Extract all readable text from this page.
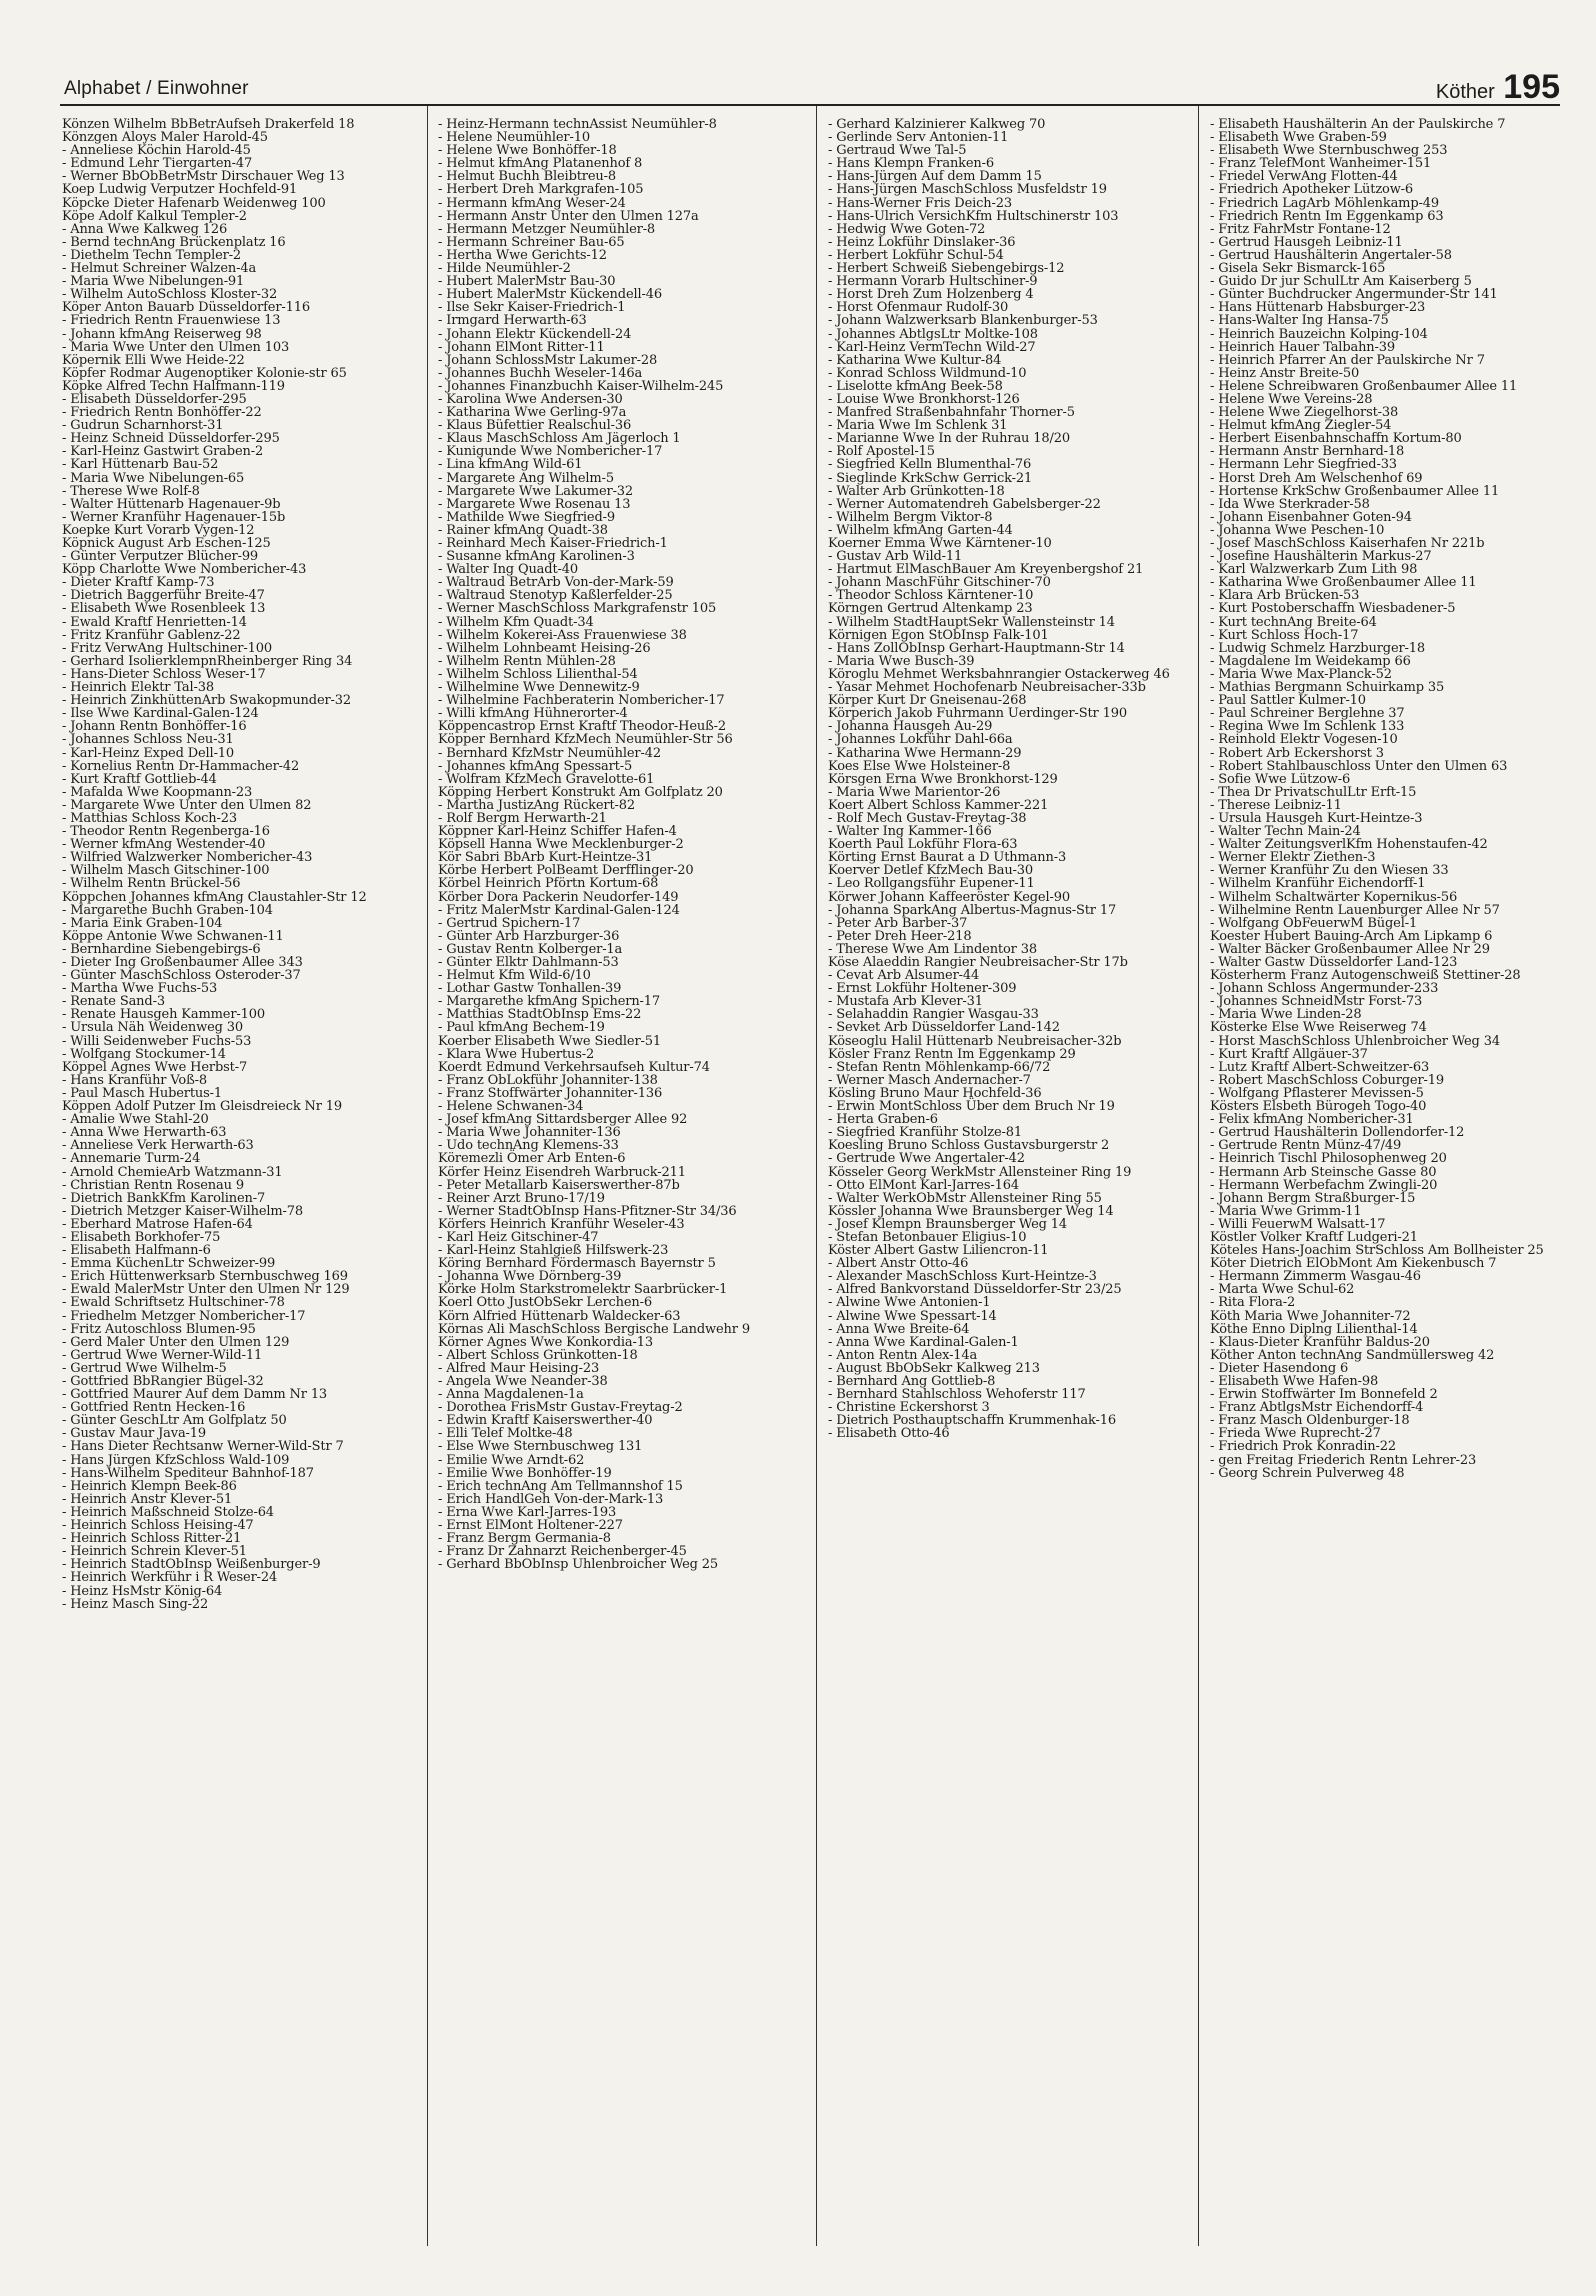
Alphabet / Einwohner	Köther 195
Könzen Wilhelm BbBetrAufseh Drakerfeld 18
Könzgen Aloys Maler Harold-45
- Anneliese Köchin Harold-45
- Edmund Lehr Tiergarten-47
- Werner BbObBetrMstr Dirschauer Weg 13
Koep Ludwig Verputzer Hochfeld-91
Köpcke Dieter Hafenarb Weidenweg 100
Köpe Adolf Kalkul Templer-2
- Anna Wwe Kalkweg 126
- Bernd technAng Brückenplatz 16
- Diethelm Techn Templer-2
- Helmut Schreiner Walzen-4a
- Maria Wwe Nibelungen-91
- Wilhelm AutoSchloss Kloster-32
Köper Anton Bauarb Düsseldorfer-116
- Friedrich Rentn Frauenwiese 13
- Johann kfmAng Reiserweg 98
- Maria Wwe Unter den Ulmen 103
Köpernik Elli Wwe Heide-22
Köpfer Rodmar Augenoptiker Kolonie-str 65
Köpke Alfred Techn Halfmann-119
- Elisabeth Düsseldorfer-295
- Friedrich Rentn Bonhöffer-22
- Gudrun Scharnhorst-31
- Heinz Schneid Düsseldorfer-295
- Karl-Heinz Gastwirt Graben-2
- Karl Hüttenarb Bau-52
- Maria Wwe Nibelungen-65
- Therese Wwe Rolf-8
- Walter Hüttenarb Hagenauer-9b
- Werner Kranführ Hagenauer-15b
Koepke Kurt Vorarb Vygen-12
Köpnick August Arb Eschen-125
- Günter Verputzer Blücher-99
Köpp Charlotte Wwe Nombericher-43
- Dieter Kraftf Kamp-73
- Dietrich Baggerführ Breite-47
- Elisabeth Wwe Rosenbleek 13
- Ewald Kraftf Henrietten-14
- Fritz Kranführ Gablenz-22
- Fritz VerwAng Hultschiner-100
- Gerhard IsolierklempnRheinberger Ring 34
- Hans-Dieter Schloss Weser-17
- Heinrich Elektr Tal-38
- Heinrich ZinkhüttenArb Swakopmunder-32
- Ilse Wwe Kardinal-Galen-124
- Johann Rentn Bonhöffer-16
- Johannes Schloss Neu-31
- Karl-Heinz Exped Dell-10
- Kornelius Rentn Dr-Hammacher-42
- Kurt Kraftf Gottlieb-44
- Mafalda Wwe Koopmann-23
- Margarete Wwe Unter den Ulmen 82
- Matthias Schloss Koch-23
- Theodor Rentn Regenberga-16
- Werner kfmAng Westender-40
- Wilfried Walzwerker Nombericher-43
- Wilhelm Masch Gitschiner-100
- Wilhelm Rentn Brückel-56
Köppchen Johannes kfmAng Claustahler-Str 12
- Margarethe Buchh Graben-104
- Maria Eink Graben-104
Köppe Antonie Wwe Schwanen-11
- Bernhardine Siebengebirgs-6
- Dieter Ing Großenbaumer Allee 343
- Günter MaschSchloss Osteroder-37
- Martha Wwe Fuchs-53
- Renate Sand-3
- Renate Hausgeh Kammer-100
- Ursula Näh Weidenweg 30
- Willi Seidenweber Fuchs-53
- Wolfgang Stockumer-14
Köppel Agnes Wwe Herbst-7
- Hans Kranführ Voß-8
- Paul Masch Hubertus-1
Köppen Adolf Putzer Im Gleisdreieck Nr 19
- Amalie Wwe Stahl-20
- Anna Wwe Herwarth-63
- Anneliese Verk Herwarth-63
- Annemarie Turm-24
- Arnold ChemieArb Watzmann-31
- Christian Rentn Rosenau 9
- Dietrich BankKfm Karolinen-7
- Dietrich Metzger Kaiser-Wilhelm-78
- Eberhard Matrose Hafen-64
- Elisabeth Borkhofer-75
- Elisabeth Halfmann-6
- Emma KüchenLtr Schweizer-99
- Erich Hüttenwerksarb Sternbuschweg 169
- Ewald MalerMstr Unter den Ulmen Nr 129
- Ewald Schriftsetz Hultschiner-78
- Friedhelm Metzger Nombericher-17
- Fritz Autoschloss Blumen-95
- Gerd Maler Unter den Ulmen 129
- Gertrud Wwe Werner-Wild-11
- Gertrud Wwe Wilhelm-5
- Gottfried BbRangier Bügel-32
- Gottfried Maurer Auf dem Damm Nr 13
- Gottfried Rentn Hecken-16
- Günter GeschLtr Am Golfplatz 50
- Gustav Maur Java-19
- Hans Dieter Rechtsanw Werner-Wild-Str 7
- Hans Jürgen KfzSchloss Wald-109
- Hans-Wilhelm Spediteur Bahnhof-187
- Heinrich Klempn Beek-86
- Heinrich Anstr Klever-51
- Heinrich Maßschneid Stolze-64
- Heinrich Schloss Heising-47
- Heinrich Schloss Ritter-21
- Heinrich Schrein Klever-51
- Heinrich StadtObInsp Weißenburger-9
- Heinrich Werkführ i R Weser-24
- Heinz HsMstr König-64
- Heinz Masch Sing-22
- Heinz-Hermann technAssist Neumühler-8
- Helene Neumühler-10
- Helene Wwe Bonhöffer-18
- Helmut kfmAng Platanenhof 8
- Helmut Buchh Bleibtreu-8
- Herbert Dreh Markgrafen-105
- Hermann kfmAng Weser-24
- Hermann Anstr Unter den Ulmen 127a
- Hermann Metzger Neumühler-8
- Hermann Schreiner Bau-65
- Hertha Wwe Gerichts-12
- Hilde Neumühler-2
- Hubert MalerMstr Bau-30
- Hubert MalerMstr Kückendell-46
- Ilse Sekr Kaiser-Friedrich-1
- Irmgard Herwarth-63
- Johann Elektr Kückendell-24
- Johann ElMont Ritter-11
- Johann SchlossMstr Lakumer-28
- Johannes Buchh Weseler-146a
- Johannes Finanzbuchh Kaiser-Wilhelm-245
- Karolina Wwe Andersen-30
- Katharina Wwe Gerling-97a
- Klaus Büfettier Realschul-36
- Klaus MaschSchloss Am Jägerloch 1
- Kunigunde Wwe Nombericher-17
- Lina kfmAng Wild-61
- Margarete Ang Wilhelm-5
- Margarete Wwe Lakumer-32
- Margarete Wwe Rosenau 13
- Mathilde Wwe Siegfried-9
- Rainer kfmAng Quadt-38
- Reinhard Mech Kaiser-Friedrich-1
- Susanne kfmAng Karolinen-3
- Walter Ing Quadt-40
- Waltraud BetrArb Von-der-Mark-59
- Waltraud Stenotyp Kaßlerfelder-25
- Werner MaschSchloss Markgrafenstr 105
- Wilhelm Kfm Quadt-34
- Wilhelm Kokerei-Ass Frauenwiese 38
- Wilhelm Lohnbeamt Heising-26
- Wilhelm Rentn Mühlen-28
- Wilhelm Schloss Lilienthal-54
- Wilhelmine Wwe Dennewitz-9
- Wilhelmine Fachberaterin Nombericher-17
- Willi kfmAng Hühnerorter-4
Köppencastrop Ernst Kraftf Theodor-Heuß-2
Köpper Bernhard KfzMech Neumühler-Str 56
- Bernhard KfzMstr Neumühler-42
- Johannes kfmAng Spessart-5
- Wolfram KfzMech Gravelotte-61
Köpping Herbert Konstrukt Am Golfplatz 20
- Martha JustizAng Rückert-82
- Rolf Bergm Herwarth-21
Köppner Karl-Heinz Schiffer Hafen-4
Köpsell Hanna Wwe Mecklenburger-2
Kör Sabri BbArb Kurt-Heintze-31
Körbe Herbert PolBeamt Derfflinger-20
Körbel Heinrich Pförtn Kortum-68
Körber Dora Packerin Neudorfer-149
- Fritz MalerMstr Kardinal-Galen-124
- Gertrud Spichern-17
- Günter Arb Harzburger-36
- Gustav Rentn Kolberger-1a
- Günter Elktr Dahlmann-53
- Helmut Kfm Wild-6/10
- Lothar Gastw Tonhallen-39
- Margarethe kfmAng Spichern-17
- Matthias StadtObInsp Ems-22
- Paul kfmAng Bechem-19
Koerber Elisabeth Wwe Siedler-51
- Klara Wwe Hubertus-2
Koerdt Edmund Verkehrsaufseh Kultur-74
- Franz ObLokführ Johanniter-138
- Franz Stoffwärter Johanniter-136
- Helene Schwanen-34
- Josef kfmAng Sittardsberger Allee 92
- Maria Wwe Johanniter-136
- Udo technAng Klemens-33
Köremezli Ömer Arb Enten-6
Körfer Heinz Eisendreh Warbruck-211
- Peter Metallarb Kaiserswerther-87b
- Reiner Arzt Bruno-17/19
- Werner StadtObInsp Hans-Pfitzner-Str 34/36
Körfers Heinrich Kranführ Weseler-43
- Karl Heiz Gitschiner-47
- Karl-Heinz Stahlgieß Hilfswerk-23
Köring Bernhard Fördermasch Bayernstr 5
- Johanna Wwe Dörnberg-39
Körke Holm Starkstromelektr Saarbrücker-1
Koerl Otto JustObSekr Lerchen-6
Körn Alfried Hüttenarb Waldecker-63
Körnas Ali MaschSchloss Bergische Landwehr 9
Körner Agnes Wwe Konkordia-13
- Albert Schloss Grünkotten-18
- Alfred Maur Heising-23
- Angela Wwe Neander-38
- Anna Magdalenen-1a
- Dorothea FrisMstr Gustav-Freytag-2
- Edwin Kraftf Kaiserswerther-40
- Elli Telef Moltke-48
- Else Wwe Sternbuschweg 131
- Emilie Wwe Arndt-62
- Emilie Wwe Bonhöffer-19
- Erich technAng Am Tellmannshof 15
- Erich HandlGeh Von-der-Mark-13
- Erna Wwe Karl-Jarres-193
- Ernst ElMont Holtener-227
- Franz Bergm Germania-8
- Franz Dr Zahnarzt Reichenberger-45
- Gerhard BbObInsp Uhlenbroicher Weg 25
- Gerhard Kalzinierer Kalkweg 70
- Gerlinde Serv Antonien-11
- Gertraud Wwe Tal-5
- Hans Klempn Franken-6
- Hans-Jürgen Auf dem Damm 15
- Hans-Jürgen MaschSchloss Musfeldstr 19
- Hans-Werner Fris Deich-23
- Hans-Ulrich VersichKfm Hultschinerstr 103
- Hedwig Wwe Goten-72
- Heinz Lokführ Dinslaker-36
- Herbert Lokführ Schul-54
- Herbert Schweiß Siebengebirgs-12
- Hermann Vorarb Hultschiner-9
- Horst Dreh Zum Holzenberg 4
- Horst Ofenmaur Rudolf-30
- Johann Walzwerksarb Blankenburger-53
- Johannes AbtlgsLtr Moltke-108
- Karl-Heinz VermTechn Wild-27
- Katharina Wwe Kultur-84
- Konrad Schloss Wildmund-10
- Liselotte kfmAng Beek-58
- Louise Wwe Bronkhorst-126
- Manfred Straßenbahnfahr Thorner-5
- Maria Wwe Im Schlenk 31
- Marianne Wwe In der Ruhrau 18/20
- Rolf Apostel-15
- Siegfried Kelln Blumenthal-76
- Sieglinde KrkSchw Gerrick-21
- Walter Arb Grünkotten-18
- Werner Automatendreh Gabelsberger-22
- Wilhelm Bergm Viktor-8
- Wilhelm kfmAng Garten-44
Koerner Emma Wwe Kärntener-10
- Gustav Arb Wild-11
- Hartmut ElMaschBauer Am Kreyenbergshof 21
- Johann MaschFühr Gitschiner-70
- Theodor Schloss Kärntener-10
Körngen Gertrud Altenkamp 23
- Wilhelm StadtHauptSekr Wallensteinstr 14
Körnigen Egon StObInsp Falk-101
- Hans ZollObInsp Gerhart-Hauptmann-Str 14
- Maria Wwe Busch-39
Köroglu Mehmet Werksbahnrangier Ostackerweg 46
- Yasar Mehmet Hochofenarb Neubreisacher-33b
Körper Kurt Dr Gneisenau-268
Körperich Jakob Fuhrmann Uerdinger-Str 190
- Johanna Hausgeh Au-29
- Johannes Lokführ Dahl-66a
- Katharina Wwe Hermann-29
Koes Else Wwe Holsteiner-8
Körsgen Erna Wwe Bronkhorst-129
- Maria Wwe Marientor-26
Koert Albert Schloss Kammer-221
- Rolf Mech Gustav-Freytag-38
- Walter Ing Kammer-166
Koerth Paul Lokführ Flora-63
Körting Ernst Baurat a D Uthmann-3
Koerver Detlef KfzMech Bau-30
- Leo Rollgangsführ Eupener-11
Körwer Johann Kaffeeröster Kegel-90
- Johanna SparkAng Albertus-Magnus-Str 17
- Peter Arb Barber-37
- Peter Dreh Heer-218
- Therese Wwe Am Lindentor 38
Köse Alaeddin Rangier Neubreisacher-Str 17b
- Cevat Arb Alsumer-44
- Ernst Lokführ Holtener-309
- Mustafa Arb Klever-31
- Selahaddin Rangier Wasgau-33
- Sevket Arb Düsseldorfer Land-142
Köseoglu Halil Hüttenarb Neubreisacher-32b
Kösler Franz Rentn Im Eggenkamp 29
- Stefan Rentn Möhlenkamp-66/72
- Werner Masch Andernacher-7
Kösling Bruno Maur Hochfeld-36
- Erwin MontSchloss Über dem Bruch Nr 19
- Herta Graben-6
- Siegfried Kranführ Stolze-81
Koesling Bruno Schloss Gustavsburgerstr 2
- Gertrude Wwe Angertaler-42
Kösseler Georg WerkMstr Allensteiner Ring 19
- Otto ElMont Karl-Jarres-164
- Walter WerkObMstr Allensteiner Ring 55
Kössler Johanna Wwe Braunsberger Weg 14
- Josef Klempn Braunsberger Weg 14
- Stefan Betonbauer Eligius-10
Köster Albert Gastw Liliencron-11
- Albert Anstr Otto-46
- Alexander MaschSchloss Kurt-Heintze-3
- Alfred Bankvorstand Düsseldorfer-Str 23/25
- Alwine Wwe Antonien-1
- Alwine Wwe Spessart-14
- Anna Wwe Breite-64
- Anna Wwe Kardinal-Galen-1
- Anton Rentn Alex-14a
- August BbObSekr Kalkweg 213
- Bernhard Ang Gottlieb-8
- Bernhard Stahlschloss Wehoferstr 117
- Christine Eckershorst 3
- Dietrich Posthauptschaffn Krummenhak-16
- Elisabeth Otto-46
- Elisabeth Haushälterin An der Paulskirche 7
- Elisabeth Wwe Graben-59
- Elisabeth Wwe Sternbuschweg 253
- Franz TelefMont Wanheimer-151
- Friedel VerwAng Flotten-44
- Friedrich Apotheker Lützow-6
- Friedrich LagArb Möhlenkamp-49
- Friedrich Rentn Im Eggenkamp 63
- Fritz FahrMstr Fontane-12
- Gertrud Hausgeh Leibniz-11
- Gertrud Haushälterin Angertaler-58
- Gisela Sekr Bismarck-165
- Guido Dr jur SchulLtr Am Kaiserberg 5
- Günter Buchdrucker Angermunder-Str 141
- Hans Hüttenarb Habsburger-23
- Hans-Walter Ing Hansa-75
- Heinrich Bauzeichn Kolping-104
- Heinrich Hauer Talbahn-39
- Heinrich Pfarrer An der Paulskirche Nr 7
- Heinz Anstr Breite-50
- Helene Schreibwaren Großenbaumer Allee 11
- Helene Wwe Vereins-28
- Helene Wwe Ziegelhorst-38
- Helmut kfmAng Ziegler-54
- Herbert Eisenbahnschaffn Kortum-80
- Hermann Anstr Bernhard-18
- Hermann Lehr Siegfried-33
- Horst Dreh Am Welschenhof 69
- Hortense KrkSchw Großenbaumer Allee 11
- Ida Wwe Sterkrader-58
- Johann Eisenbahner Goten-94
- Johanna Wwe Peschen-10
- Josef MaschSchloss Kaiserhafen Nr 221b
- Josefine Haushälterin Markus-27
- Karl Walzwerkarb Zum Lith 98
- Katharina Wwe Großenbaumer Allee 11
- Klara Arb Brücken-53
- Kurt Postoberschaffn Wiesbadener-5
- Kurt technAng Breite-64
- Kurt Schloss Hoch-17
- Ludwig Schmelz Harzburger-18
- Magdalene Im Weidekamp 66
- Maria Wwe Max-Planck-52
- Mathias Bergmann Schuirkamp 35
- Paul Sattler Kulmer-10
- Paul Schreiner Berglehne 37
- Regina Wwe Im Schlenk 133
- Reinhold Elektr Vogesen-10
- Robert Arb Eckershorst 3
- Robert Stahlbauschloss Unter den Ulmen 63
- Sofie Wwe Lützow-6
- Thea Dr PrivatschulLtr Erft-15
- Therese Leibniz-11
- Ursula Hausgeh Kurt-Heintze-3
- Walter Techn Main-24
- Walter ZeitungsverlKfm Hohenstaufen-42
- Werner Elektr Ziethen-3
- Werner Kranführ Zu den Wiesen 33
- Wilhelm Kranführ Eichendorff-1
- Wilhelm Schaltwärter Kopernikus-56
- Wilhelmine Rentn Lauenburger Allee Nr 57
- Wolfgang ObFeuerwM Bügel-1
Koester Hubert Bauing-Arch Am Lipkamp 6
- Walter Bäcker Großenbaumer Allee Nr 29
- Walter Gastw Düsseldorfer Land-123
Kösterherm Franz Autogenschweiß Stettiner-28
- Johann Schloss Angermunder-233
- Johannes SchneidMstr Forst-73
- Maria Wwe Linden-28
Kösterke Else Wwe Reiserweg 74
- Horst MaschSchloss Uhlenbroicher Weg 34
- Kurt Kraftf Allgäuer-37
- Lutz Kraftf Albert-Schweitzer-63
- Robert MaschSchloss Coburger-19
- Wolfgang Pflasterer Mevissen-5
Kösters Elsbeth Bürogeh Togo-40
- Felix kfmAng Nombericher-31
- Gertrud Haushälterin Dollendorfer-12
- Gertrude Rentn Münz-47/49
- Heinrich Tischl Philosophenweg 20
- Hermann Arb Steinsche Gasse 80
- Hermann Werbefachm Zwingli-20
- Johann Bergm Straßburger-15
- Maria Wwe Grimm-11
- Willi FeuerwM Walsatt-17
Köstler Volker Kraftf Ludgeri-21
Köteles Hans-Joachim StrSchloss Am Bollheister 25
Köter Dietrich ElObMont Am Kiekenbusch 7
- Hermann Zimmerm Wasgau-46
- Marta Wwe Schul-62
- Rita Flora-2
Köth Maria Wwe Johanniter-72
Köthe Enno Diplng Lilienthal-14
- Klaus-Dieter Kranführ Baldus-20
Köther Anton technAng Sandmüllersweg 42
- Dieter Hasendong 6
- Elisabeth Wwe Hafen-98
- Erwin Stoffwärter Im Bonnefeld 2
- Franz AbtlgsMstr Eichendorff-4
- Franz Masch Oldenburger-18
- Frieda Wwe Ruprecht-27
- Friedrich Prok Konradin-22
- gen Freitag Friederich Rentn Lehrer-23
- Georg Schrein Pulverweg 48
